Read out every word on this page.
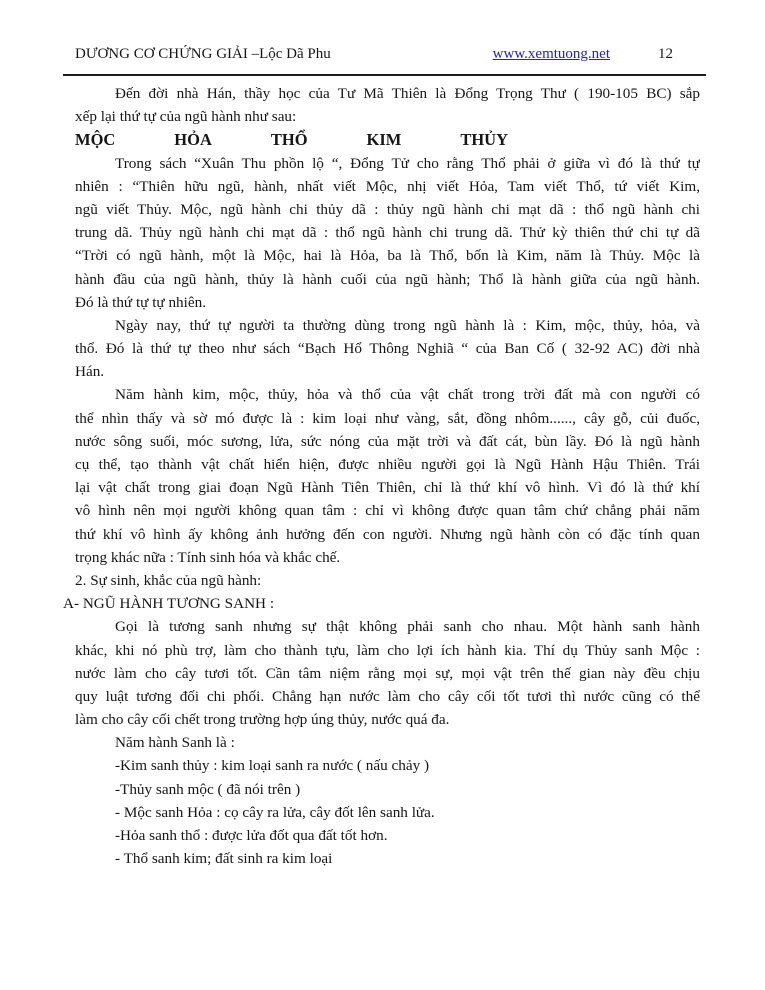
DƯƠNG CƠ CHỨNG GIẢI –Lộc Dã Phu	www.xemtuong.net	12
Đến đời nhà Hán, thầy học của Tư Mã Thiên là Đổng Trọng Thư ( 190-105 BC) sắp
xếp lại thứ tự của ngũ hành như sau:
MỘC	HỎA	THỔ	KIM	THỦY
Trong sách “Xuân Thu phồn lộ “, Đổng Tử cho rằng Thổ phải ở giữa vì đó là thứ tự
nhiên : “Thiên hữu ngũ, hành, nhất viết Mộc, nhị viết Hỏa, Tam viết Thổ, tứ viết Kim,
ngũ viết Thủy. Mộc, ngũ hành chi thủy dã : thủy ngũ hành chi mạt dã : thổ ngũ hành chi
trung dã. Thủy ngũ hành chi mạt dã : thổ ngũ hành chi trung dã. Thử kỳ thiên thứ chi tự dã
“Trời có ngũ hành, một là Mộc, hai là Hỏa, ba là Thổ, bốn là Kim, năm là Thủy. Mộc là
hành đầu của ngũ hành, thủy là hành cuối của ngũ hành; Thổ là hành giữa của ngũ hành.
Đó là thứ tự tự nhiên.
Ngày nay, thứ tự người ta thường dùng trong ngũ hành là : Kim, mộc, thủy, hỏa, và
thổ. Đó là thứ tự theo như sách “Bạch Hổ Thông Nghiã “ của Ban Cố ( 32-92 AC) đời nhà
Hán.
Năm hành kim, mộc, thủy, hỏa và thổ của vật chất trong trời đất mà con người có
thể nhìn thấy và sờ mó được là : kim loại như vàng, sắt, đồng nhôm......, cây gỗ, củi đuốc,
nước sông suối, móc sương, lửa, sức nóng của mặt trời và đất cát, bùn lầy. Đó là ngũ hành
cụ thể, tạo thành vật chất hiển hiện, được nhiều người gọi là Ngũ Hành Hậu Thiên. Trái
lại vật chất trong giai đoạn Ngũ Hành Tiên Thiên, chỉ là thứ khí vô hình. Vì đó là thứ khí
vô hình nên mọi người không quan tâm : chỉ vì không được quan tâm chứ chẳng phải năm
thứ khí vô hình ấy không ảnh hưởng đến con người. Nhưng ngũ hành còn có đặc tính quan
trọng khác nữa : Tính sinh hóa và khắc chế.
2. Sự sinh, khắc của ngũ hành:
A- NGŨ HÀNH TƯƠNG SANH :
Gọi là tương sanh nhưng sự thật không phải sanh cho nhau. Một hành sanh hành
khác, khi nó phù trợ, làm cho thành tựu, làm cho lợi ích hành kia. Thí dụ Thủy sanh Mộc :
nước làm cho cây tươi tốt. Cần tâm niệm rằng mọi sự, mọi vật trên thế gian này đều chịu
quy luật tương đối chi phối. Chẳng hạn nước làm cho cây cối tốt tươi thì nước cũng có thể
làm cho cây cối chết trong trường hợp úng thủy, nước quá đa.
Năm hành Sanh là :
-Kim sanh thủy : kim loại sanh ra nước ( nấu chảy )
-Thủy sanh mộc ( đã nói trên )
- Mộc sanh Hỏa : cọ cây ra lửa, cây đốt lên sanh lửa.
-Hỏa sanh thổ : được lửa đốt qua đất tốt hơn.
- Thổ sanh kim; đất sinh ra kim loại
